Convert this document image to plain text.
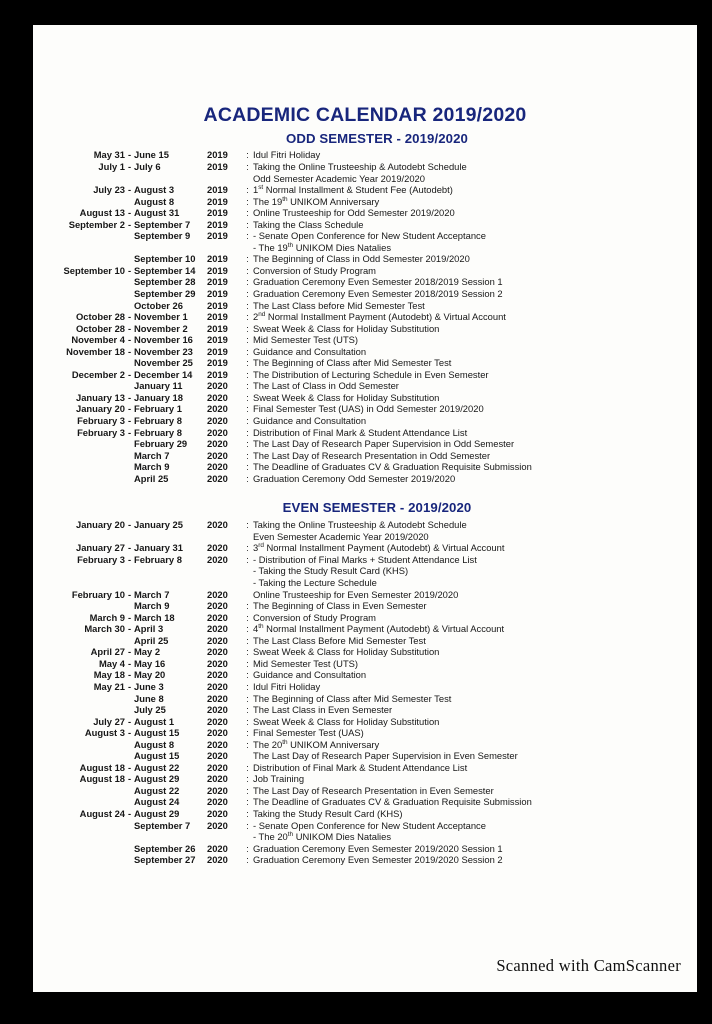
ACADEMIC CALENDAR 2019/2020
ODD SEMESTER - 2019/2020
May 31	-	June 15	2019	:	Idul Fitri Holiday

July 1	-	July 6	2019	:	Taking the Online Trusteeship & Autodebt Schedule
Odd Semester Academic Year 2019/2020

July 23	-	August 3	2019	:	1st Normal Installment & Student Fee (Autodebt)

		August 8	2019	:	The 19th UNIKOM Anniversary

August 13	-	August 31	2019	:	Online Trusteeship for Odd Semester 2019/2020

September 2	-	September 7	2019	:	Taking the Class Schedule

		September 9	2019	:	- Senate Open Conference for New Student Acceptance
- The 19th UNIKOM Dies Natalies

		September 10	2019	:	The Beginning of Class in Odd Semester 2019/2020

September 10	-	September 14	2019	:	Conversion of Study Program

		September 28	2019	:	Graduation Ceremony Even Semester 2018/2019 Session 1

		September 29	2019	:	Graduation Ceremony Even Semester 2018/2019 Session 2

		October 26	2019	:	The Last Class before Mid Semester Test

October 28	-	November 1	2019	:	2nd Normal Installment Payment (Autodebt) & Virtual Account

October 28	-	November 2	2019	:	Sweat Week & Class for Holiday Substitution

November 4	-	November 16	2019	:	Mid Semester Test (UTS)

November 18	-	November 23	2019	:	Guidance and Consultation

		November 25	2019	:	The Beginning of Class after Mid Semester Test

December 2	-	December 14	2019	:	The Distribution of Lecturing Schedule in Even Semester

		January 11	2020	:	The Last of Class in Odd Semester

January 13	-	January 18	2020	:	Sweat Week & Class for Holiday Substitution

January 20	-	February 1	2020	:	Final Semester Test (UAS) in Odd Semester 2019/2020

February 3	-	February 8	2020	:	Guidance and Consultation

February 3	-	February 8	2020	:	Distribution of Final Mark & Student Attendance List

		February 29	2020	:	The Last Day of Research Paper Supervision in Odd Semester

		March 7	2020	:	The Last Day of Research Presentation in Odd Semester

		March 9	2020	:	The Deadline of Graduates CV & Graduation Requisite Submission

		April 25	2020	:	Graduation Ceremony Odd Semester 2019/2020
EVEN SEMESTER - 2019/2020
January 20	-	January 25	2020	:	Taking the Online Trusteeship & Autodebt Schedule
Even Semester Academic Year 2019/2020

January 27	-	January 31	2020	:	3rd Normal Installment Payment (Autodebt) & Virtual Account

February 3	-	February 8	2020	:	- Distribution of Final Marks + Student Attendance List
- Taking the Study Result Card (KHS)
- Taking the Lecture Schedule

February 10	-	March 7	2020		Online Trusteeship for Even Semester 2019/2020

		March 9	2020	:	The Beginning of Class in Even Semester

March 9	-	March 18	2020	:	Conversion of Study Program

March 30	-	April 3	2020	:	4th Normal Installment Payment (Autodebt) & Virtual Account

		April 25	2020	:	The Last Class Before Mid Semester Test

April 27	-	May 2	2020	:	Sweat Week & Class for Holiday Substitution

May 4	-	May 16	2020	:	Mid Semester Test (UTS)

May 18	-	May 20	2020	:	Guidance and Consultation

May 21	-	June 3	2020	:	Idul Fitri Holiday

		June 8	2020	:	The Beginning of Class after Mid Semester Test

		July 25	2020	:	The Last Class in Even Semester

July 27	-	August 1	2020	:	Sweat Week & Class for Holiday Substitution

August 3	-	August 15	2020	:	Final Semester Test (UAS)

		August 8	2020	:	The 20th UNIKOM Anniversary

		August 15	2020		The Last Day of Research Paper Supervision in Even Semester

August 18	-	August 22	2020	:	Distribution of Final Mark & Student Attendance List

August 18	-	August 29	2020	:	Job Training

		August 22	2020	:	The Last Day of Research Presentation in Even Semester

		August 24	2020	:	The Deadline of Graduates CV & Graduation Requisite Submission

August 24	-	August 29	2020	:	Taking the Study Result Card (KHS)

		September 7	2020	:	- Senate Open Conference for New Student Acceptance
- The 20th UNIKOM Dies Natalies

		September 26	2020	:	Graduation Ceremony Even Semester 2019/2020 Session 1

		September 27	2020	:	Graduation Ceremony Even Semester 2019/2020 Session 2
Scanned with CamScanner
